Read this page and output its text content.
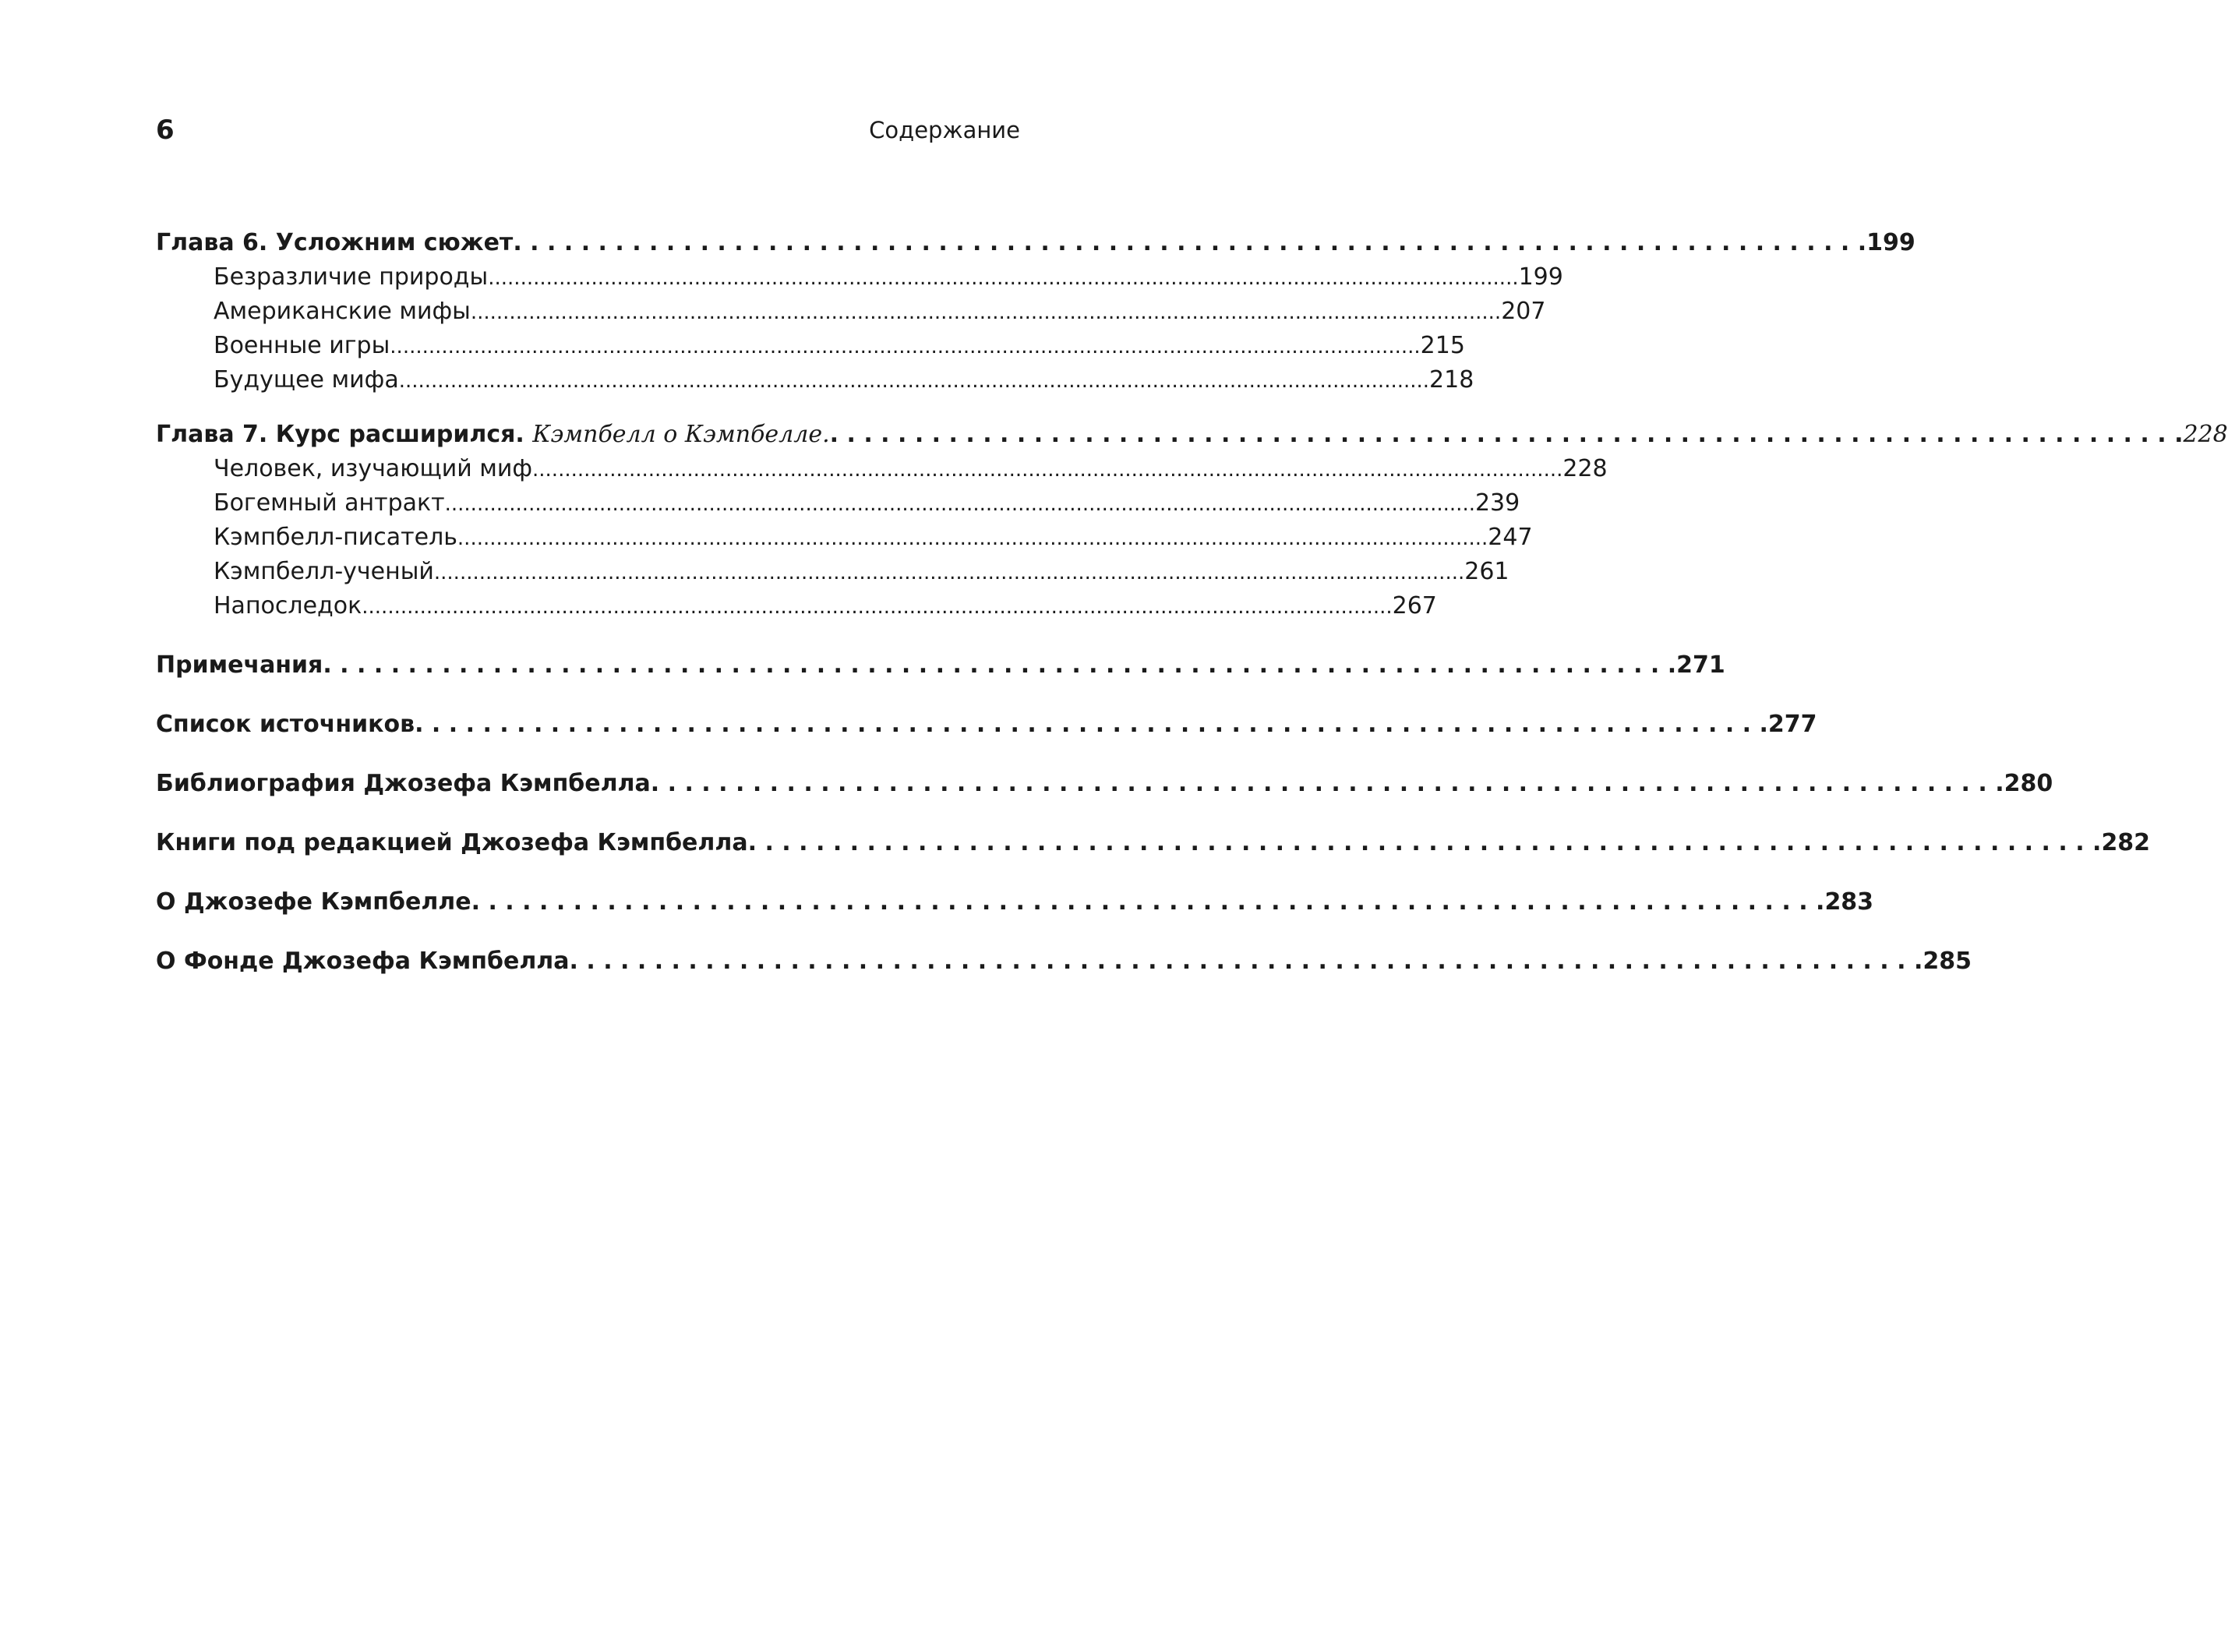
6	Содержание
Глава 6. Усложним сюжет . . . . . . . . . . . . . . . . . . . . . . . . . . . . . . . . . . . . . . . . . . . . . . . . . . . . . . . . . . . . . . . . . . . . . . . . . . . . . . . . 199
Безразличие природы ................................................................................................................................................................ 199
Американские мифы ................................................................................................................................................................ 207
Военные игры ................................................................................................................................................................ 215
Будущее мифа ................................................................................................................................................................ 218
Глава 7. Курс расширился. Кэмпбелл о Кэмпбелле. . . . . . . . . . . . . . . . . . . . . . . . . . . . . . . . . . . . . . . . . . . . . . . . . . . . . . . . . . . . . . . . . . . . . . . . . . . . . . . . . 228
Человек, изучающий миф ................................................................................................................................................................ 228
Богемный антракт ................................................................................................................................................................ 239
Кэмпбелл-писатель ................................................................................................................................................................ 247
Кэмпбелл-ученый ................................................................................................................................................................ 261
Напоследок ................................................................................................................................................................ 267
Примечания . . . . . . . . . . . . . . . . . . . . . . . . . . . . . . . . . . . . . . . . . . . . . . . . . . . . . . . . . . . . . . . . . . . . . . . . . . . . . . . . 271
Список источников . . . . . . . . . . . . . . . . . . . . . . . . . . . . . . . . . . . . . . . . . . . . . . . . . . . . . . . . . . . . . . . . . . . . . . . . . . . . . . . . 277
Библиография Джозефа Кэмпбелла . . . . . . . . . . . . . . . . . . . . . . . . . . . . . . . . . . . . . . . . . . . . . . . . . . . . . . . . . . . . . . . . . . . . . . . . . . . . . . . . 280
Книги под редакцией Джозефа Кэмпбелла . . . . . . . . . . . . . . . . . . . . . . . . . . . . . . . . . . . . . . . . . . . . . . . . . . . . . . . . . . . . . . . . . . . . . . . . . . . . . . . . 282
О Джозефе Кэмпбелле . . . . . . . . . . . . . . . . . . . . . . . . . . . . . . . . . . . . . . . . . . . . . . . . . . . . . . . . . . . . . . . . . . . . . . . . . . . . . . . . 283
О Фонде Джозефа Кэмпбелла . . . . . . . . . . . . . . . . . . . . . . . . . . . . . . . . . . . . . . . . . . . . . . . . . . . . . . . . . . . . . . . . . . . . . . . . . . . . . . . . 285
